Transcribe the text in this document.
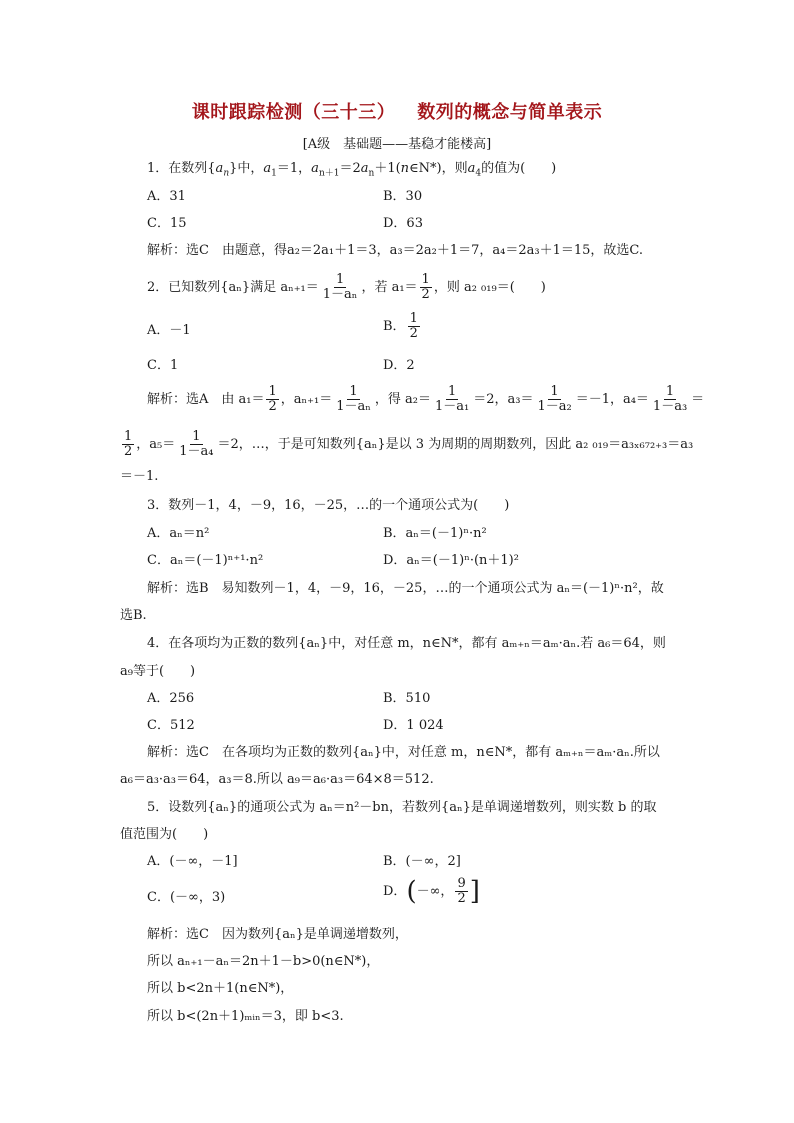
课时跟踪检测（三十三） 数列的概念与简单表示
[A级　基础题——基稳才能楼高]
1．在数列$\{a_n\}$中，$a_1=1$，$a_{n+1}=2a_n+1(n\in N*)$，则$a_4$的值为(　　)
A．31	B．30
C．15	D．63
解析：选C　由题意，得a₂＝2a₁＋1＝3，a₃＝2a₂＋1＝7，a₄＝2a₃＋1＝15，故选C.
2．已知数列{aₙ}满足 $a_{n+1}= \frac{1}{\text{1－aₙ}}$ ，若 $a_1= \frac{1}{2}$ ，则 a₂ ₀₁₉＝(　　)
A．－1	B． $\frac{1}{2}$
C．1	D．2
解析：选A　由 $a_1= \frac{1}{2}$ ，$a_{n+1}= \frac{1}{\text{1－aₙ}}$ ，得 $a_2= \frac{1}{\text{1－a₁}} =2$，$a_3= \frac{1}{\text{1－a₂}} =-1$，$a_4= \frac{1}{\text{1－a₃}}$ ＝
$\frac{1}{2}$ ，$a_5= \frac{1}{\text{1－a₄}} =2$，…，于是可知数列{aₙ}是以 3 为周期的周期数列，因此 a₂ ₀₁₉＝a₃ₓ₆₇₂₊₃＝a₃
＝－1.
3．数列－1，4，－9，16，－25，…的一个通项公式为(　　)
A．aₙ＝n²	B．aₙ＝(－1)ⁿ·n²
C．aₙ＝(－1)ⁿ⁺¹·n²	D．aₙ＝(－1)ⁿ·(n＋1)²
解析：选B　易知数列－1，4，－9，16，－25，…的一个通项公式为 aₙ＝(－1)ⁿ·n²，故
选B.
4．在各项均为正数的数列{aₙ}中，对任意 m，n∈N*，都有 aₘ₊ₙ＝aₘ·aₙ.若 a₆＝64，则
a₉等于(　　)
A．256	B．510
C．512	D．1 024
解析：选C　在各项均为正数的数列{aₙ}中，对任意 m，n∈N*，都有 aₘ₊ₙ＝aₘ·aₙ.所以
a₆＝a₃·a₃＝64，a₃＝8.所以 a₉＝a₆·a₃＝64×8＝512.
5．设数列{aₙ}的通项公式为 aₙ＝n²－bn，若数列{aₙ}是单调递增数列，则实数 b 的取
值范围为(　　)
A．(－∞，－1]	B．(－∞，2]
C．(－∞，3)	D．(－∞， $\frac{9}{2}$ ]
解析：选C　因为数列{aₙ}是单调递增数列，
所以 aₙ₊₁－aₙ＝2n＋1－b>0(n∈N*)，
所以 b<2n＋1(n∈N*)，
所以 b<(2n＋1)ₘᵢₙ＝3，即 b<3.
